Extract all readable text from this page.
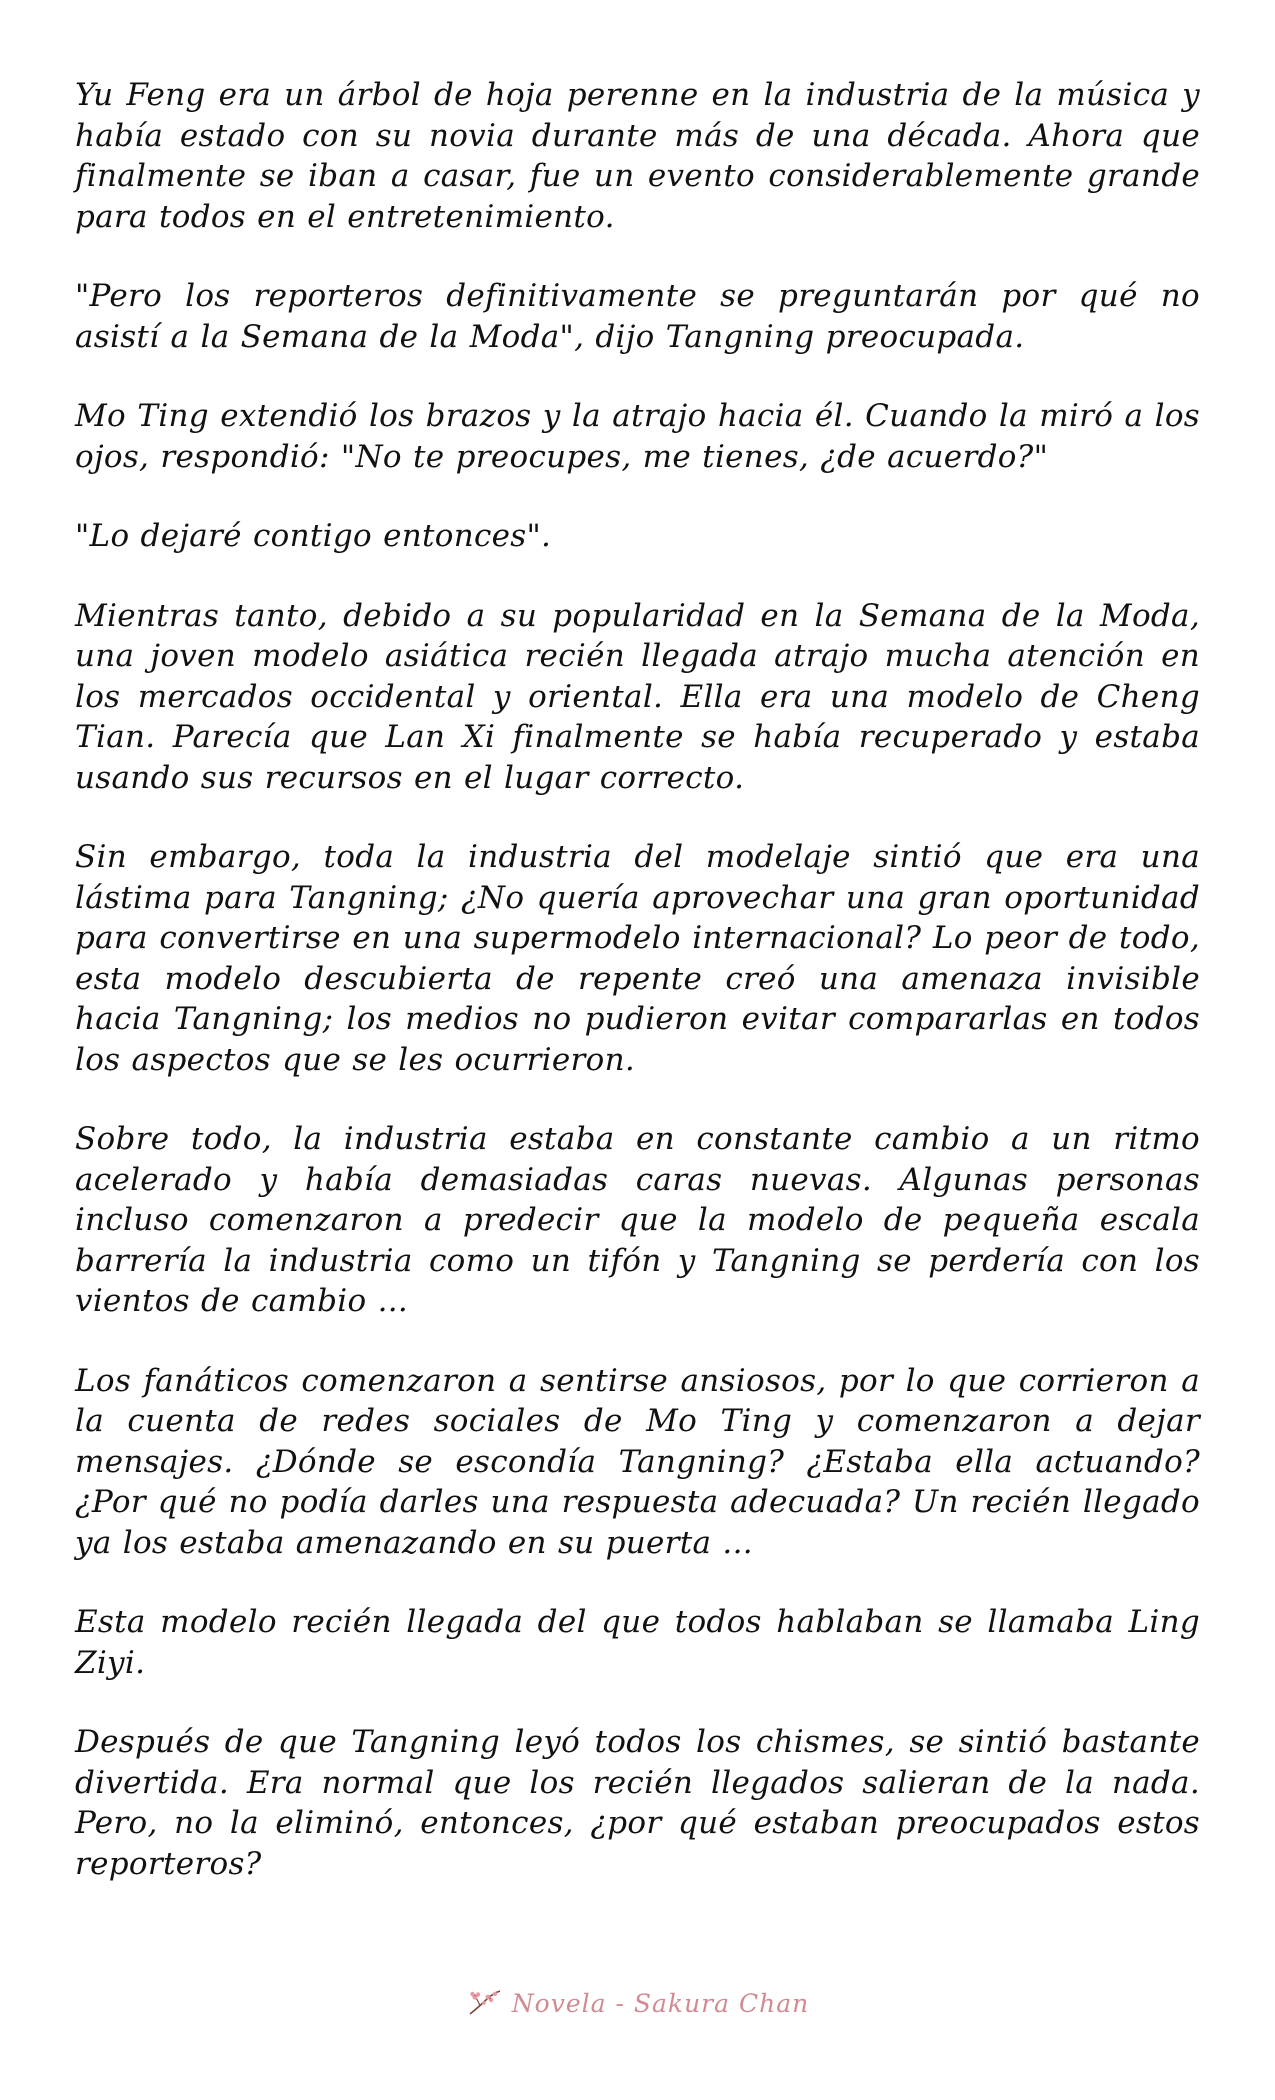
Yu Feng era un árbol de hoja perenne en la industria de la música y había estado con su novia durante más de una década. Ahora que finalmente se iban a casar, fue un evento considerablemente grande para todos en el entretenimiento.

"Pero los reporteros definitivamente se preguntarán por qué no asistí a la Semana de la Moda", dijo Tangning preocupada.

Mo Ting extendió los brazos y la atrajo hacia él. Cuando la miró a los ojos, respondió: "No te preocupes, me tienes, ¿de acuerdo?"

"Lo dejaré contigo entonces".

Mientras tanto, debido a su popularidad en la Semana de la Moda, una joven modelo asiática recién llegada atrajo mucha atención en los mercados occidental y oriental. Ella era una modelo de Cheng Tian. Parecía que Lan Xi finalmente se había recuperado y estaba usando sus recursos en el lugar correcto.

Sin embargo, toda la industria del modelaje sintió que era una lástima para Tangning; ¿No quería aprovechar una gran oportunidad para convertirse en una supermodelo internacional? Lo peor de todo, esta modelo descubierta de repente creó una amenaza invisible hacia Tangning; los medios no pudieron evitar compararlas en todos los aspectos que se les ocurrieron.

Sobre todo, la industria estaba en constante cambio a un ritmo acelerado y había demasiadas caras nuevas. Algunas personas incluso comenzaron a predecir que la modelo de pequeña escala barrería la industria como un tifón y Tangning se perdería con los vientos de cambio ...

Los fanáticos comenzaron a sentirse ansiosos, por lo que corrieron a la cuenta de redes sociales de Mo Ting y comenzaron a dejar mensajes. ¿Dónde se escondía Tangning? ¿Estaba ella actuando? ¿Por qué no podía darles una respuesta adecuada? Un recién llegado ya los estaba amenazando en su puerta ...

Esta modelo recién llegada del que todos hablaban se llamaba Ling Ziyi.

Después de que Tangning leyó todos los chismes, se sintió bastante divertida. Era normal que los recién llegados salieran de la nada. Pero, no la eliminó, entonces, ¿por qué estaban preocupados estos reporteros?

Novela - Sakura Chan
